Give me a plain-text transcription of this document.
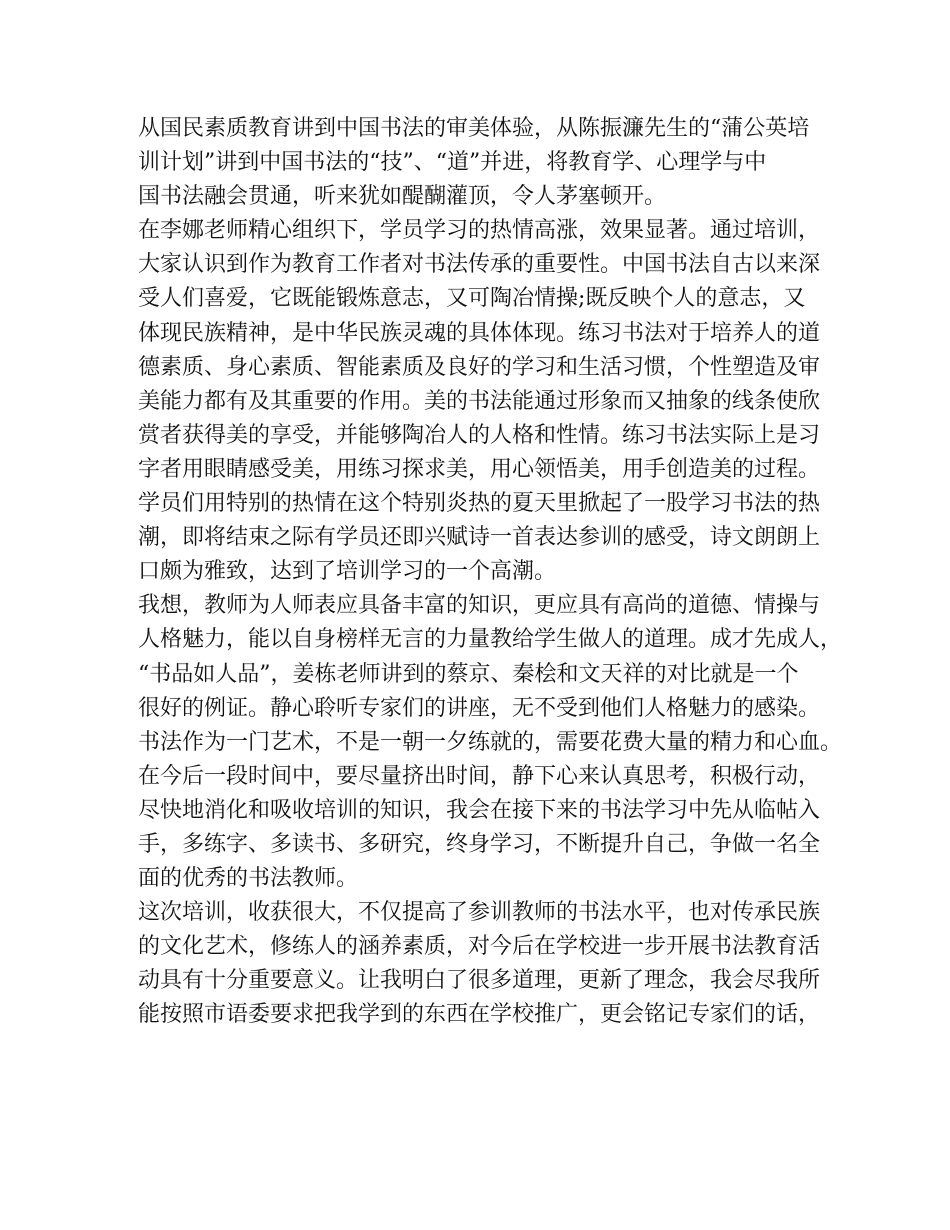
从国民素质教育讲到中国书法的审美体验，从陈振濂先生的“蒲公英培
训计划”讲到中国书法的“技”、“道”并进，将教育学、心理学与中
国书法融会贯通，听来犹如醍醐灌顶，令人茅塞顿开。
在李娜老师精心组织下，学员学习的热情高涨，效果显著。通过培训，
大家认识到作为教育工作者对书法传承的重要性。中国书法自古以来深
受人们喜爱，它既能锻炼意志，又可陶冶情操;既反映个人的意志，又
体现民族精神，是中华民族灵魂的具体体现。练习书法对于培养人的道
德素质、身心素质、智能素质及良好的学习和生活习惯，个性塑造及审
美能力都有及其重要的作用。美的书法能通过形象而又抽象的线条使欣
赏者获得美的享受，并能够陶冶人的人格和性情。练习书法实际上是习
字者用眼睛感受美，用练习探求美，用心领悟美，用手创造美的过程。
学员们用特别的热情在这个特别炎热的夏天里掀起了一股学习书法的热
潮，即将结束之际有学员还即兴赋诗一首表达参训的感受，诗文朗朗上
口颇为雅致，达到了培训学习的一个高潮。
我想，教师为人师表应具备丰富的知识，更应具有高尚的道德、情操与
人格魅力，能以自身榜样无言的力量教给学生做人的道理。成才先成人，
“书品如人品”，姜栋老师讲到的蔡京、秦桧和文天祥的对比就是一个
很好的例证。静心聆听专家们的讲座，无不受到他们人格魅力的感染。
书法作为一门艺术，不是一朝一夕练就的，需要花费大量的精力和心血。
在今后一段时间中，要尽量挤出时间，静下心来认真思考，积极行动，
尽快地消化和吸收培训的知识，我会在接下来的书法学习中先从临帖入
手，多练字、多读书、多研究，终身学习，不断提升自己，争做一名全
面的优秀的书法教师。
这次培训，收获很大，不仅提高了参训教师的书法水平，也对传承民族
的文化艺术，修练人的涵养素质，对今后在学校进一步开展书法教育活
动具有十分重要意义。让我明白了很多道理，更新了理念，我会尽我所
能按照市语委要求把我学到的东西在学校推广，更会铭记专家们的话，
